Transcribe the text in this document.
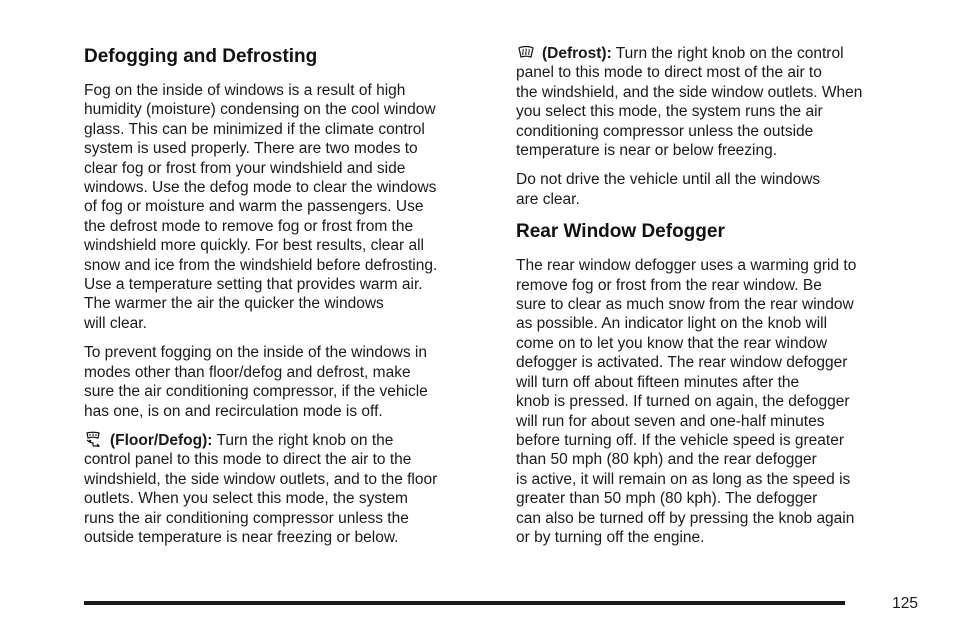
Defogging and Defrosting

Fog on the inside of windows is a result of high
humidity (moisture) condensing on the cool window
glass. This can be minimized if the climate control
system is used properly. There are two modes to
clear fog or frost from your windshield and side
windows. Use the defog mode to clear the windows
of fog or moisture and warm the passengers. Use
the defrost mode to remove fog or frost from the
windshield more quickly. For best results, clear all
snow and ice from the windshield before defrosting.
Use a temperature setting that provides warm air.
The warmer the air the quicker the windows
will clear.

To prevent fogging on the inside of the windows in
modes other than floor/defog and defrost, make
sure the air conditioning compressor, if the vehicle
has one, is on and recirculation mode is off.

(Floor/Defog): Turn the right knob on the
control panel to this mode to direct the air to the
windshield, the side window outlets, and to the floor
outlets. When you select this mode, the system
runs the air conditioning compressor unless the
outside temperature is near freezing or below.

(Defrost): Turn the right knob on the control
panel to this mode to direct most of the air to
the windshield, and the side window outlets. When
you select this mode, the system runs the air
conditioning compressor unless the outside
temperature is near or below freezing.

Do not drive the vehicle until all the windows
are clear.

Rear Window Defogger

The rear window defogger uses a warming grid to
remove fog or frost from the rear window. Be
sure to clear as much snow from the rear window
as possible. An indicator light on the knob will
come on to let you know that the rear window
defogger is activated. The rear window defogger
will turn off about fifteen minutes after the
knob is pressed. If turned on again, the defogger
will run for about seven and one-half minutes
before turning off. If the vehicle speed is greater
than 50 mph (80 kph) and the rear defogger
is active, it will remain on as long as the speed is
greater than 50 mph (80 kph). The defogger
can also be turned off by pressing the knob again
or by turning off the engine.

125
